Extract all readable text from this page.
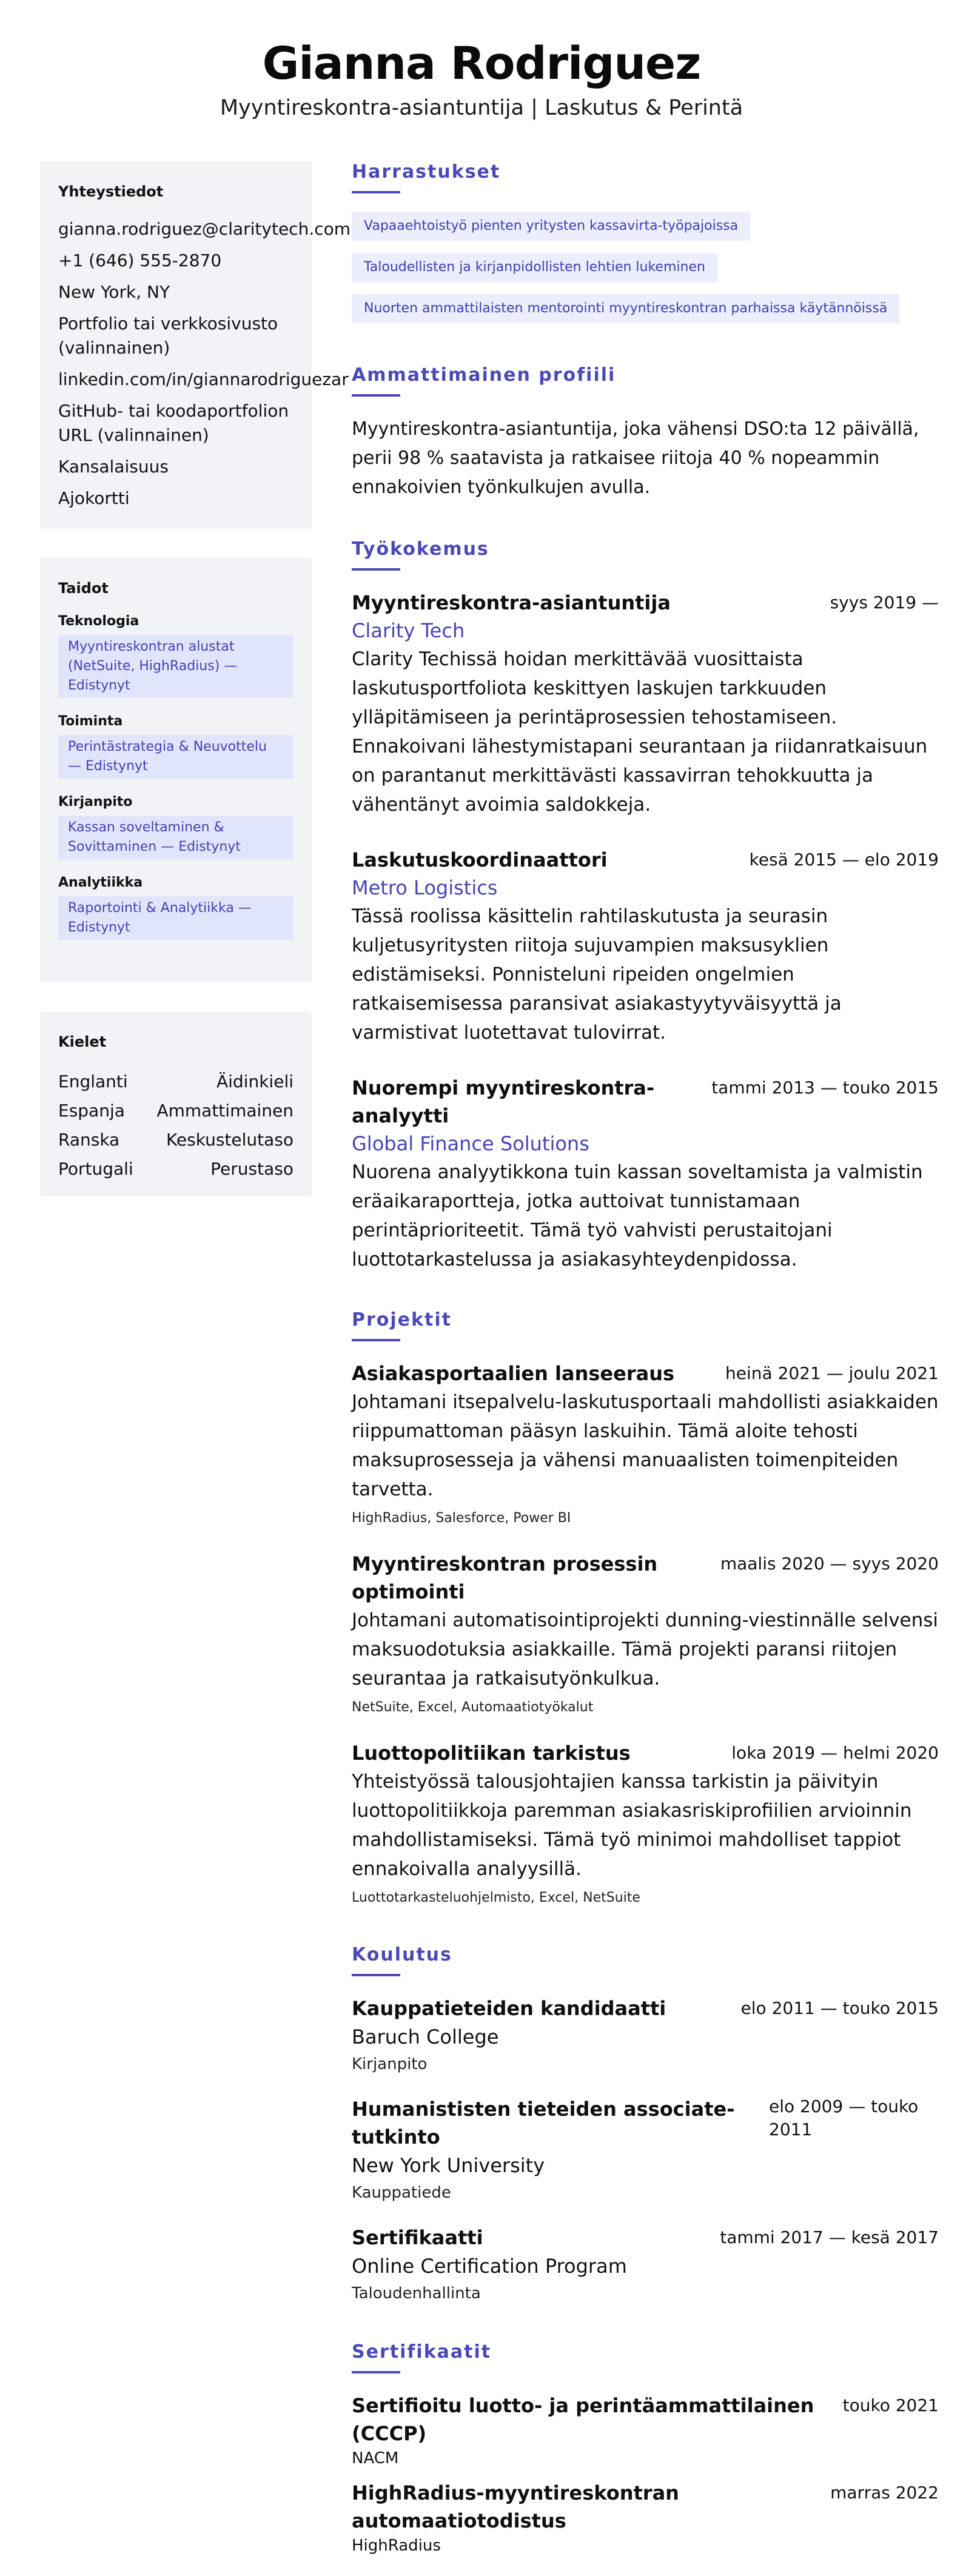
Gianna Rodriguez
Myyntireskontra-asiantuntija | Laskutus & Perintä
Yhteystiedot
gianna.rodriguez@claritytech.com
+1 (646) 555-2870
New York, NY
Portfolio tai verkkosivusto (valinnainen)
linkedin.com/in/giannarodriguezar
GitHub- tai koodaportfolion URL (valinnainen)
Kansalaisuus
Ajokortti
Taidot
Teknologia
Myyntireskontran alustat (NetSuite, HighRadius) — Edistynyt
Toiminta
Perintästrategia & Neuvottelu — Edistynyt
Kirjanpito
Kassan soveltaminen & Sovittaminen — Edistynyt
Analytiikka
Raportointi & Analytiikka — Edistynyt
Kielet
Englanti	Äidinkieli
Espanja Ammattimainen
Ranska	Keskustelutaso
Portugali	Perustaso
Harrastukset
Vapaaehtoistyö pienten yritysten kassavirta-työpajoissa
Taloudellisten ja kirjanpidollisten lehtien lukeminen
Nuorten ammattilaisten mentorointi myyntireskontran parhaissa käytännöissä
Ammattimainen profiili
Myyntireskontra-asiantuntija, joka vähensi DSO:ta 12 päivällä, perii 98 % saatavista ja ratkaisee riitoja 40 % nopeammin ennakoivien työnkulkujen avulla.
Työkokemus
Myyntireskontra-asiantuntija	syys 2019 —
Clarity Tech
Clarity Techissä hoidan merkittävää vuosittaista laskutusportfoliota keskittyen laskujen tarkkuuden ylläpitämiseen ja perintäprosessien tehostamiseen. Ennakoivani lähestymistapani seurantaan ja riidanratkaisuun on parantanut merkittävästi kassavirran tehokkuutta ja vähentänyt avoimia saldokkeja.
Laskutuskoordinaattori	kesä 2015 — elo 2019
Metro Logistics
Tässä roolissa käsittelin rahtilaskutusta ja seurasin kuljetusyritysten riitoja sujuvampien maksusyklien edistämiseksi. Ponnisteluni ripeiden ongelmien ratkaisemisessa paransivat asiakastyytyväisyyttä ja varmistivat luotettavat tulovirrat.
Nuorempi myyntireskontra-analyytti
tammi 2013 — touko 2015
Global Finance Solutions
Nuorena analyytikkona tuin kassan soveltamista ja valmistin eräaikaraportteja, jotka auttoivat tunnistamaan perintäprioriteetit. Tämä työ vahvisti perustaitojani luottotarkastelussa ja asiakasyhteydenpidossa.
Projektit
Asiakasportaalien lanseeraus	heinä 2021 — joulu 2021
Johtamani itsepalvelu-laskutusportaali mahdollisti asiakkaiden riippumattoman pääsyn laskuihin. Tämä aloite tehosti maksuprosesseja ja vähensi manuaalisten toimenpiteiden tarvetta.
HighRadius, Salesforce, Power BI
Myyntireskontran prosessin optimointi
maalis 2020 — syys 2020
Johtamani automatisointiprojekti dunning-viestinnälle selvensi maksuodotuksia asiakkaille. Tämä projekti paransi riitojen seurantaa ja ratkaisutyönkulkua.
NetSuite, Excel, Automaatiotyökalut
Luottopolitiikan tarkistus	loka 2019 — helmi 2020
Yhteistyössä talousjohtajien kanssa tarkistin ja päivityin luottopolitiikkoja paremman asiakasriskiprofiilien arvioinnin mahdollistamiseksi. Tämä työ minimoi mahdolliset tappiot ennakoivalla analyysillä.
Luottotarkasteluohjelmisto, Excel, NetSuite
Koulutus
Kauppatieteiden kandidaatti	elo 2011 — touko 2015
Baruch College
Kirjanpito
Humanististen tieteiden associate-tutkinto
elo 2009 — touko 2011
New York University
Kauppatiede
Sertifikaatti	tammi 2017 — kesä 2017
Online Certification Program
Taloudenhallinta
Sertifikaatit
Sertifioitu luotto- ja perintäammattilainen (CCCP)
touko 2021
NACM
HighRadius-myyntireskontran automaatiotodistus
marras 2022
HighRadius
